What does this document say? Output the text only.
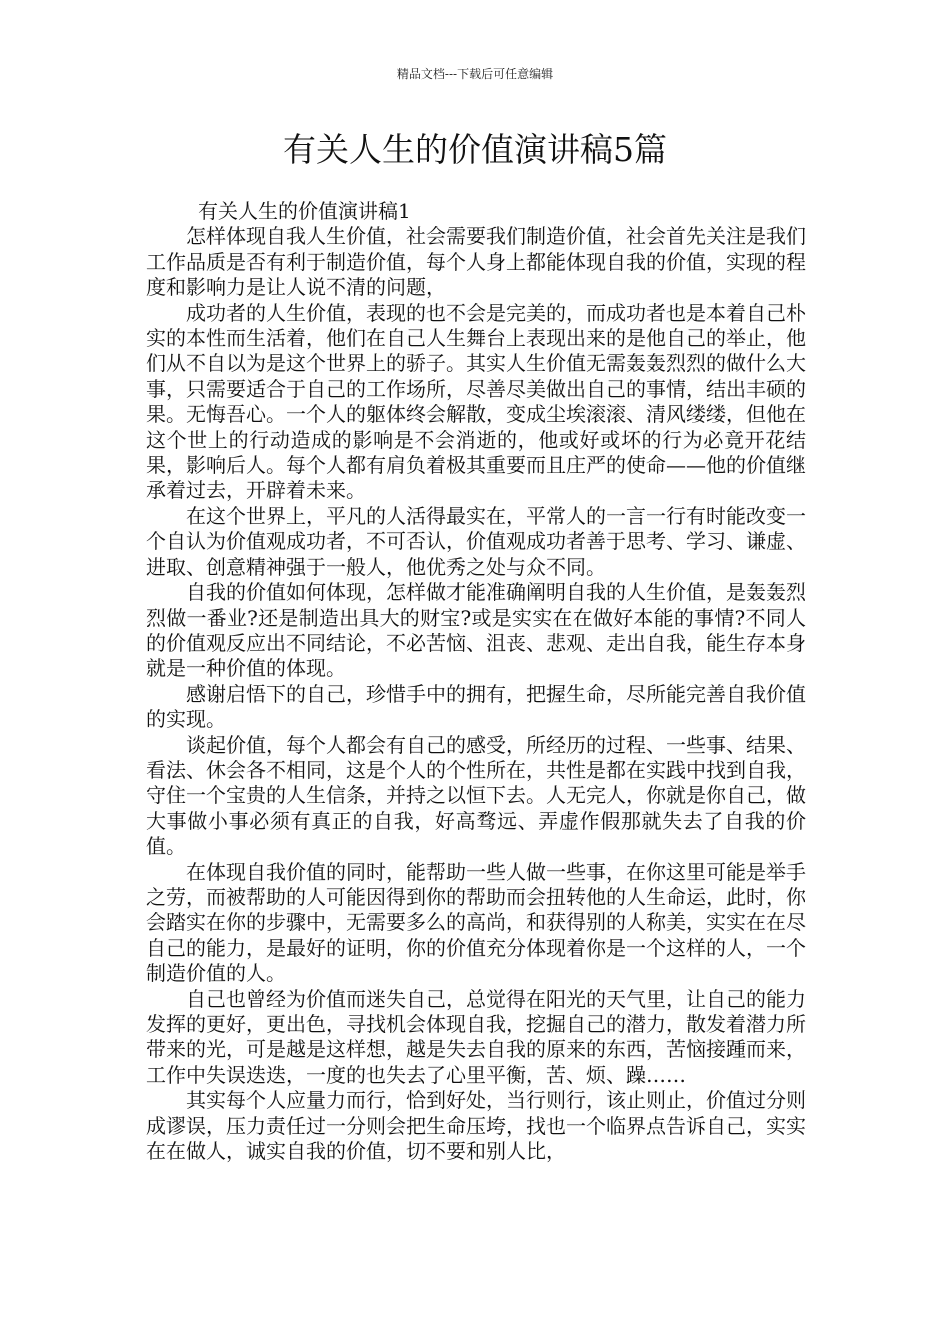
精品文档---下载后可任意编辑
有关人生的价值演讲稿5篇

有关人生的价值演讲稿1

怎样体现自我人生价值，社会需要我们制造价值，社会首先关注是我们工作品质是否有利于制造价值，每个人身上都能体现自我的价值，实现的程度和影响力是让人说不清的问题，

成功者的人生价值，表现的也不会是完美的，而成功者也是本着自己朴实的本性而生活着，他们在自己人生舞台上表现出来的是他自己的举止，他们从不自以为是这个世界上的骄子。其实人生价值无需轰轰烈烈的做什么大事，只需要适合于自己的工作场所，尽善尽美做出自己的事情，结出丰硕的果。无悔吾心。一个人的躯体终会解散，变成尘埃滚滚、清风缕缕，但他在这个世上的行动造成的影响是不会消逝的，他或好或坏的行为必竟开花结果，影响后人。每个人都有肩负着极其重要而且庄严的使命——他的价值继承着过去，开辟着未来。

在这个世界上，平凡的人活得最实在，平常人的一言一行有时能改变一个自认为价值观成功者，不可否认，价值观成功者善于思考、学习、谦虚、进取、创意精神强于一般人，他优秀之处与众不同。

自我的价值如何体现，怎样做才能准确阐明自我的人生价值，是轰轰烈烈做一番业?还是制造出具大的财宝?或是实实在在做好本能的事情?不同人的价值观反应出不同结论，不必苦恼、沮丧、悲观、走出自我，能生存本身就是一种价值的体现。

感谢启悟下的自己，珍惜手中的拥有，把握生命，尽所能完善自我价值的实现。

谈起价值，每个人都会有自己的感受，所经历的过程、一些事、结果、看法、休会各不相同，这是个人的个性所在，共性是都在实践中找到自我，守住一个宝贵的人生信条，并持之以恒下去。人无完人，你就是你自己，做大事做小事必须有真正的自我，好高骛远、弄虚作假那就失去了自我的价值。

在体现自我价值的同时，能帮助一些人做一些事，在你这里可能是举手之劳，而被帮助的人可能因得到你的帮助而会扭转他的人生命运，此时，你会踏实在你的步骤中，无需要多么的高尚，和获得别的人称美，实实在在尽自己的能力，是最好的证明，你的价值充分体现着你是一个这样的人，一个制造价值的人。

自己也曾经为价值而迷失自己，总觉得在阳光的天气里，让自己的能力发挥的更好，更出色，寻找机会体现自我，挖掘自己的潜力，散发着潜力所带来的光，可是越是这样想，越是失去自我的原来的东西，苦恼接踵而来，工作中失误迭迭，一度的也失去了心里平衡，苦、烦、躁……

其实每个人应量力而行，恰到好处，当行则行，该止则止，价值过分则成谬误，压力责任过一分则会把生命压垮，找也一个临界点告诉自己，实实在在做人，诚实自我的价值，切不要和别人比，
